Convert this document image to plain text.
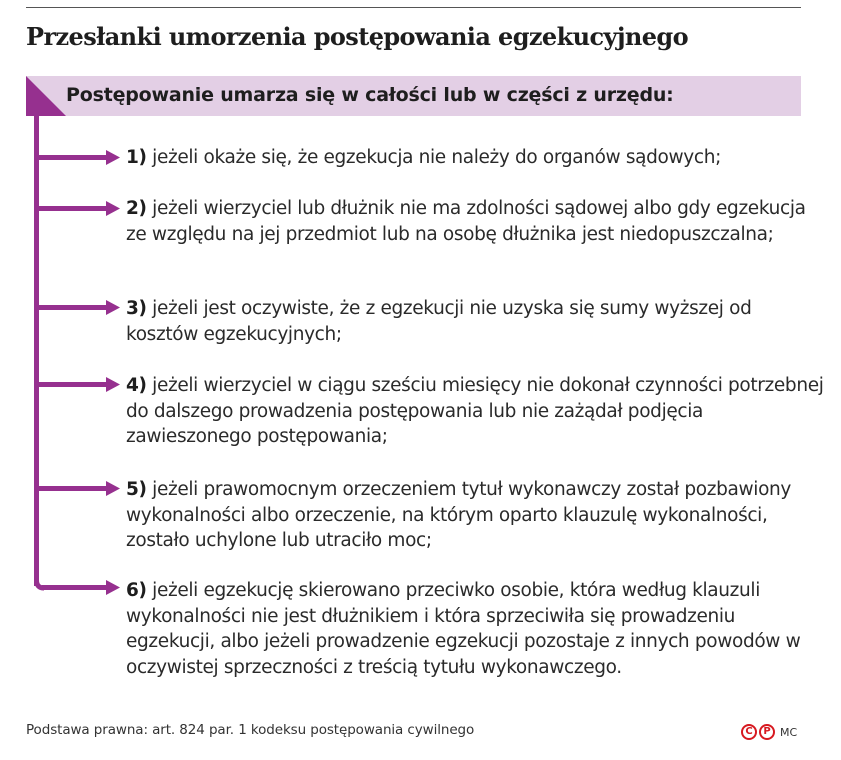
Przesłanki umorzenia postępowania egzekucyjnego
Postępowanie umarza się w całości lub w części z urzędu:
1) jeżeli okaże się, że egzekucja nie należy do organów sądowych;
2) jeżeli wierzyciel lub dłużnik nie ma zdolności sądowej albo gdy egzekucja ze względu na jej przedmiot lub na osobę dłużnika jest niedopuszczalna;
3) jeżeli jest oczywiste, że z egzekucji nie uzyska się sumy wyższej od kosztów egzekucyjnych;
4) jeżeli wierzyciel w ciągu sześciu miesięcy nie dokonał czynności potrzebnej do dalszego prowadzenia postępowania lub nie zażądał podjęcia zawieszonego postępowania;
5) jeżeli prawomocnym orzeczeniem tytuł wykonawczy został pozbawiony wykonalności albo orzeczenie, na którym oparto klauzulę wykonalności, zostało uchylone lub utraciło moc;
6) jeżeli egzekucję skierowano przeciwko osobie, która według klauzuli wykonalności nie jest dłużnikiem i która sprzeciwiła się prowadzeniu egzekucji, albo jeżeli prowadzenie egzekucji pozostaje z innych powodów w oczywistej sprzeczności z treścią tytułu wykonawczego.
Podstawa prawna: art. 824 par. 1 kodeksu postępowania cywilnego	C	P MC
